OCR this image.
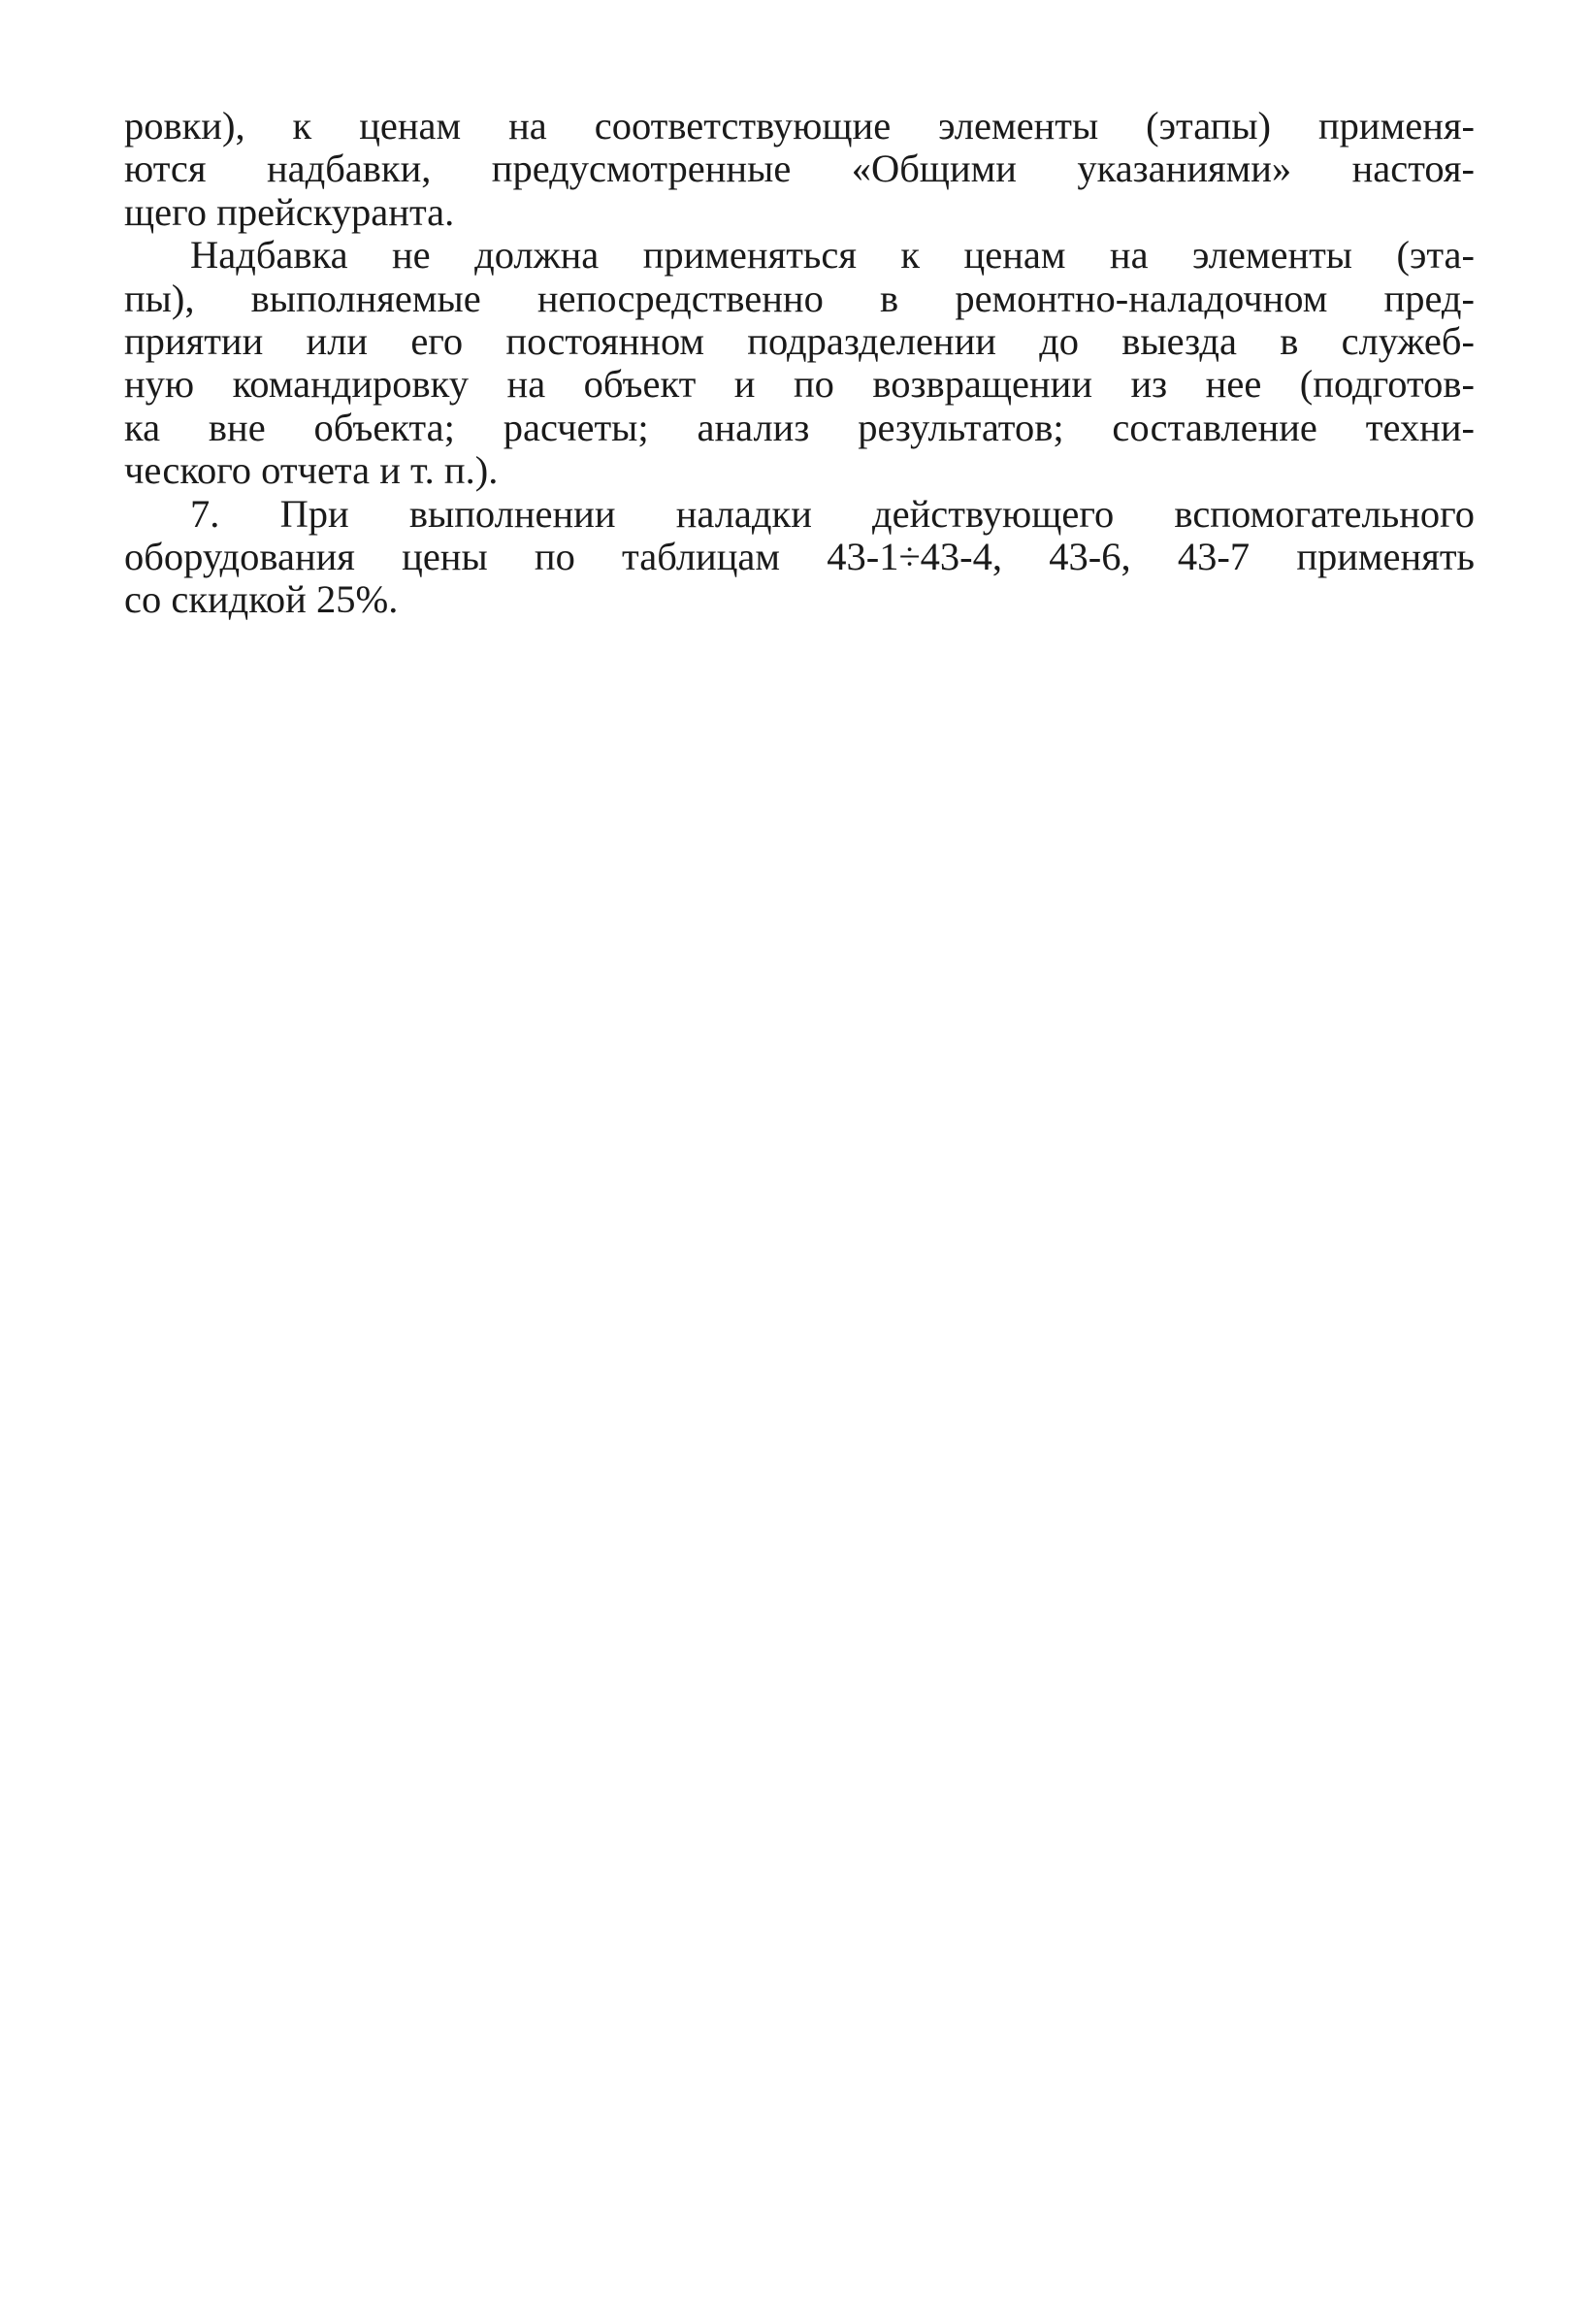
ровки), к ценам на соответствующие элементы (этапы) применя-
ются надбавки, предусмотренные «Общими указаниями» настоя-
щего прейскуранта.
Надбавка не должна применяться к ценам на элементы (эта-
пы), выполняемые непосредственно в ремонтно-наладочном пред-
приятии или его постоянном подразделении до выезда в служеб-
ную командировку на объект и по возвращении из нее (подготов-
ка вне объекта; расчеты; анализ результатов; составление техни-
ческого отчета и т. п.).
7. При выполнении наладки действующего вспомогательного
оборудования цены по таблицам 43-1÷43-4, 43-6, 43-7 применять
со скидкой 25%.
